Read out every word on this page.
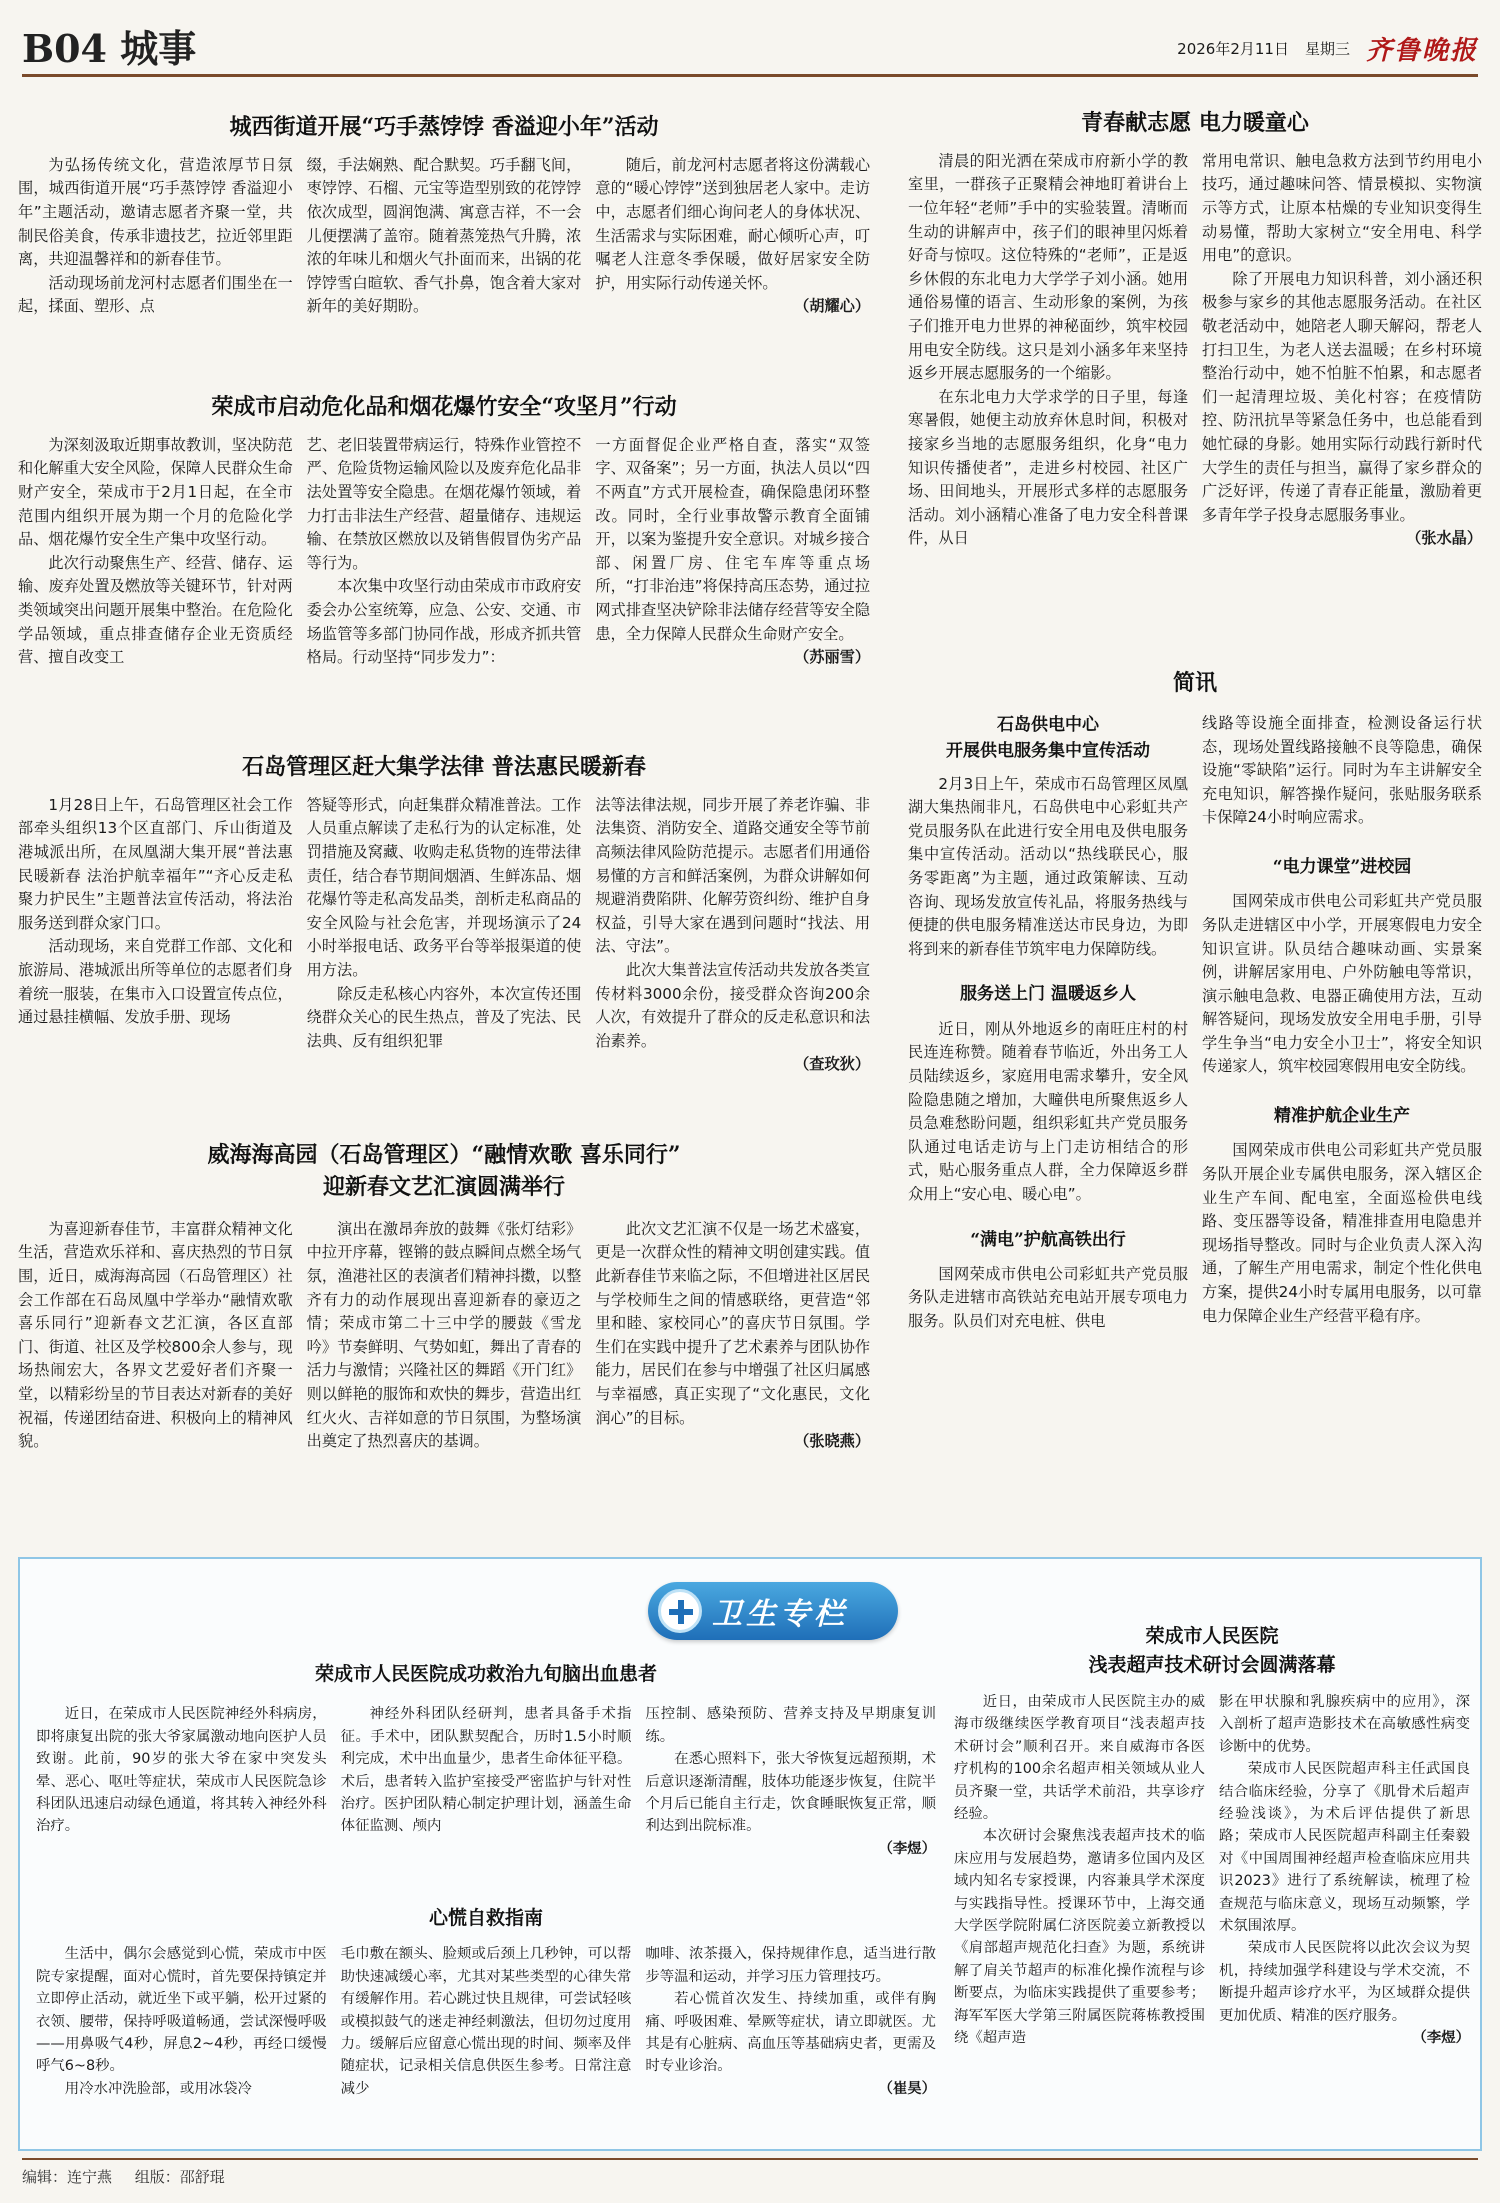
B04 城事	2026年2月11日 星期三 齐鲁晚报
城西街道开展“巧手蒸饽饽 香溢迎小年”活动

为弘扬传统文化，营造浓厚节日氛围，城西街道开展“巧手蒸饽饽 香溢迎小年”主题活动，邀请志愿者齐聚一堂，共制民俗美食，传承非遗技艺，拉近邻里距离，共迎温馨祥和的新春佳节。

活动现场前龙河村志愿者们围坐在一起，揉面、塑形、点

缀，手法娴熟、配合默契。巧手翻飞间，枣饽饽、石榴、元宝等造型别致的花饽饽依次成型，圆润饱满、寓意吉祥，不一会儿便摆满了盖帘。随着蒸笼热气升腾，浓浓的年味儿和烟火气扑面而来，出锅的花饽饽雪白暄软、香气扑鼻，饱含着大家对新年的美好期盼。

随后，前龙河村志愿者将这份满载心意的“暖心饽饽”送到独居老人家中。走访中，志愿者们细心询问老人的身体状况、生活需求与实际困难，耐心倾听心声，叮嘱老人注意冬季保暖，做好居家安全防护，用实际行动传递关怀。

（胡耀心）
荣成市启动危化品和烟花爆竹安全“攻坚月”行动

为深刻汲取近期事故教训，坚决防范和化解重大安全风险，保障人民群众生命财产安全，荣成市于2月1日起，在全市范围内组织开展为期一个月的危险化学品、烟花爆竹安全生产集中攻坚行动。

此次行动聚焦生产、经营、储存、运输、废弃处置及燃放等关键环节，针对两类领域突出问题开展集中整治。在危险化学品领域，重点排查储存企业无资质经营、擅自改变工

艺、老旧装置带病运行，特殊作业管控不严、危险货物运输风险以及废弃危化品非法处置等安全隐患。在烟花爆竹领域，着力打击非法生产经营、超量储存、违规运输、在禁放区燃放以及销售假冒伪劣产品等行为。

本次集中攻坚行动由荣成市市政府安委会办公室统筹，应急、公安、交通、市场监管等多部门协同作战，形成齐抓共管格局。行动坚持“同步发力”：

一方面督促企业严格自查，落实“双签字、双备案”；另一方面，执法人员以“四不两直”方式开展检查，确保隐患闭环整改。同时，全行业事故警示教育全面铺开，以案为鉴提升安全意识。对城乡接合部、闲置厂房、住宅车库等重点场所，“打非治违”将保持高压态势，通过拉网式排查坚决铲除非法储存经营等安全隐患，全力保障人民群众生命财产安全。

（苏丽雪）
石岛管理区赶大集学法律 普法惠民暖新春

1月28日上午，石岛管理区社会工作部牵头组织13个区直部门、斥山街道及港城派出所，在凤凰湖大集开展“普法惠民暖新春 法治护航幸福年”“齐心反走私 聚力护民生”主题普法宣传活动，将法治服务送到群众家门口。

活动现场，来自党群工作部、文化和旅游局、港城派出所等单位的志愿者们身着统一服装，在集市入口设置宣传点位，通过悬挂横幅、发放手册、现场

答疑等形式，向赶集群众精准普法。工作人员重点解读了走私行为的认定标准，处罚措施及窝藏、收购走私货物的连带法律责任，结合春节期间烟酒、生鲜冻品、烟花爆竹等走私高发品类，剖析走私商品的安全风险与社会危害，并现场演示了24小时举报电话、政务平台等举报渠道的使用方法。

除反走私核心内容外，本次宣传还围绕群众关心的民生热点，普及了宪法、民法典、反有组织犯罪

法等法律法规，同步开展了养老诈骗、非法集资、消防安全、道路交通安全等节前高频法律风险防范提示。志愿者们用通俗易懂的方言和鲜活案例，为群众讲解如何规避消费陷阱、化解劳资纠纷、维护自身权益，引导大家在遇到问题时“找法、用法、守法”。

此次大集普法宣传活动共发放各类宣传材料3000余份，接受群众咨询200余人次，有效提升了群众的反走私意识和法治素养。

（查玫狄）
威海海高园（石岛管理区）“融情欢歌 喜乐同行”
迎新春文艺汇演圆满举行

为喜迎新春佳节，丰富群众精神文化生活，营造欢乐祥和、喜庆热烈的节日氛围，近日，威海海高园（石岛管理区）社会工作部在石岛凤凰中学举办“融情欢歌 喜乐同行”迎新春文艺汇演，各区直部门、街道、社区及学校800余人参与，现场热闹宏大，各界文艺爱好者们齐聚一堂，以精彩纷呈的节目表达对新春的美好祝福，传递团结奋进、积极向上的精神风貌。

演出在激昂奔放的鼓舞《张灯结彩》中拉开序幕，铿锵的鼓点瞬间点燃全场气氛，渔港社区的表演者们精神抖擞，以整齐有力的动作展现出喜迎新春的豪迈之情；荣成市第二十三中学的腰鼓《雪龙吟》节奏鲜明、气势如虹，舞出了青春的活力与激情；兴隆社区的舞蹈《开门红》则以鲜艳的服饰和欢快的舞步，营造出红红火火、吉祥如意的节日氛围，为整场演出奠定了热烈喜庆的基调。

此次文艺汇演不仅是一场艺术盛宴，更是一次群众性的精神文明创建实践。值此新春佳节来临之际，不但增进社区居民与学校师生之间的情感联络，更营造“邻里和睦、家校同心”的喜庆节日氛围。学生们在实践中提升了艺术素养与团队协作能力，居民们在参与中增强了社区归属感与幸福感，真正实现了“文化惠民，文化润心”的目标。

（张晓燕）
青春献志愿 电力暖童心

清晨的阳光洒在荣成市府新小学的教室里，一群孩子正聚精会神地盯着讲台上一位年轻“老师”手中的实验装置。清晰而生动的讲解声中，孩子们的眼神里闪烁着好奇与惊叹。这位特殊的“老师”，正是返乡休假的东北电力大学学子刘小涵。她用通俗易懂的语言、生动形象的案例，为孩子们推开电力世界的神秘面纱，筑牢校园用电安全防线。这只是刘小涵多年来坚持返乡开展志愿服务的一个缩影。

在东北电力大学求学的日子里，每逢寒暑假，她便主动放弃休息时间，积极对接家乡当地的志愿服务组织，化身“电力知识传播使者”，走进乡村校园、社区广场、田间地头，开展形式多样的志愿服务活动。刘小涵精心准备了电力安全科普课件，从日

常用电常识、触电急救方法到节约用电小技巧，通过趣味问答、情景模拟、实物演示等方式，让原本枯燥的专业知识变得生动易懂，帮助大家树立“安全用电、科学用电”的意识。

除了开展电力知识科普，刘小涵还积极参与家乡的其他志愿服务活动。在社区敬老活动中，她陪老人聊天解闷，帮老人打扫卫生，为老人送去温暖；在乡村环境整治行动中，她不怕脏不怕累，和志愿者们一起清理垃圾、美化村容；在疫情防控、防汛抗旱等紧急任务中，也总能看到她忙碌的身影。她用实际行动践行新时代大学生的责任与担当，赢得了家乡群众的广泛好评，传递了青春正能量，激励着更多青年学子投身志愿服务事业。

（张水晶）
简讯
石岛供电中心
开展供电服务集中宣传活动

2月3日上午，荣成市石岛管理区凤凰湖大集热闹非凡，石岛供电中心彩虹共产党员服务队在此进行安全用电及供电服务集中宣传活动。活动以“热线联民心，服务零距离”为主题，通过政策解读、互动咨询、现场发放宣传礼品，将服务热线与便捷的供电服务精准送达市民身边，为即将到来的新春佳节筑牢电力保障防线。

服务送上门 温暖返乡人

近日，刚从外地返乡的南旺庄村的村民连连称赞。随着春节临近，外出务工人员陆续返乡，家庭用电需求攀升，安全风险隐患随之增加，大疃供电所聚焦返乡人员急难愁盼问题，组织彩虹共产党员服务队通过电话走访与上门走访相结合的形式，贴心服务重点人群，全力保障返乡群众用上“安心电、暖心电”。

“满电”护航高铁出行

国网荣成市供电公司彩虹共产党员服务队走进辖市高铁站充电站开展专项电力服务。队员们对充电桩、供电

线路等设施全面排查，检测设备运行状态，现场处置线路接触不良等隐患，确保设施“零缺陷”运行。同时为车主讲解安全充电知识，解答操作疑问，张贴服务联系卡保障24小时响应需求。

“电力课堂”进校园

国网荣成市供电公司彩虹共产党员服务队走进辖区中小学，开展寒假电力安全知识宣讲。队员结合趣味动画、实景案例，讲解居家用电、户外防触电等常识，演示触电急救、电器正确使用方法，互动解答疑问，现场发放安全用电手册，引导学生争当“电力安全小卫士”，将安全知识传递家人，筑牢校园寒假用电安全防线。

精准护航企业生产

国网荣成市供电公司彩虹共产党员服务队开展企业专属供电服务，深入辖区企业生产车间、配电室，全面巡检供电线路、变压器等设备，精准排查用电隐患并现场指导整改。同时与企业负责人深入沟通，了解生产用电需求，制定个性化供电方案，提供24小时专属用电服务，以可靠电力保障企业生产经营平稳有序。

卫生专栏
荣成市人民医院成功救治九旬脑出血患者

近日，在荣成市人民医院神经外科病房，即将康复出院的张大爷家属激动地向医护人员致谢。此前，90岁的张大爷在家中突发头晕、恶心、呕吐等症状，荣成市人民医院急诊科团队迅速启动绿色通道，将其转入神经外科治疗。

神经外科团队经研判，患者具备手术指征。手术中，团队默契配合，历时1.5小时顺利完成，术中出血量少，患者生命体征平稳。术后，患者转入监护室接受严密监护与针对性治疗。医护团队精心制定护理计划，涵盖生命体征监测、颅内

压控制、感染预防、营养支持及早期康复训练。

在悉心照料下，张大爷恢复远超预期，术后意识逐渐清醒，肢体功能逐步恢复，住院半个月后已能自主行走，饮食睡眠恢复正常，顺利达到出院标准。

（李煜）
心慌自救指南

生活中，偶尔会感觉到心慌，荣成市中医院专家提醒，面对心慌时，首先要保持镇定并立即停止活动，就近坐下或平躺，松开过紧的衣领、腰带，保持呼吸道畅通，尝试深慢呼吸——用鼻吸气4秒，屏息2~4秒，再经口缓慢呼气6~8秒。

用冷水冲洗脸部，或用冰袋冷

毛巾敷在额头、脸颊或后颈上几秒钟，可以帮助快速减缓心率，尤其对某些类型的心律失常有缓解作用。若心跳过快且规律，可尝试轻咳或模拟鼓气的迷走神经刺激法，但切勿过度用力。缓解后应留意心慌出现的时间、频率及伴随症状，记录相关信息供医生参考。日常注意减少

咖啡、浓茶摄入，保持规律作息，适当进行散步等温和运动，并学习压力管理技巧。

若心慌首次发生、持续加重，或伴有胸痛、呼吸困难、晕厥等症状，请立即就医。尤其是有心脏病、高血压等基础病史者，更需及时专业诊治。

（崔昊）
荣成市人民医院
浅表超声技术研讨会圆满落幕

近日，由荣成市人民医院主办的威海市级继续医学教育项目“浅表超声技术研讨会”顺利召开。来自威海市各医疗机构的100余名超声相关领域从业人员齐聚一堂，共话学术前沿，共享诊疗经验。

本次研讨会聚焦浅表超声技术的临床应用与发展趋势，邀请多位国内及区域内知名专家授课，内容兼具学术深度与实践指导性。授课环节中，上海交通大学医学院附属仁济医院姜立新教授以《肩部超声规范化扫查》为题，系统讲解了肩关节超声的标准化操作流程与诊断要点，为临床实践提供了重要参考；海军军医大学第三附属医院蒋栋教授围绕《超声造

影在甲状腺和乳腺疾病中的应用》，深入剖析了超声造影技术在高敏感性病变诊断中的优势。

荣成市人民医院超声科主任武国良结合临床经验，分享了《肌骨术后超声经验浅谈》，为术后评估提供了新思路；荣成市人民医院超声科副主任秦毅对《中国周围神经超声检查临床应用共识2023》进行了系统解读，梳理了检查规范与临床意义，现场互动频繁，学术氛围浓厚。

荣成市人民医院将以此次会议为契机，持续加强学科建设与学术交流，不断提升超声诊疗水平，为区域群众提供更加优质、精准的医疗服务。

（李煜）
编辑：连宁燕 组版：邵舒琨
